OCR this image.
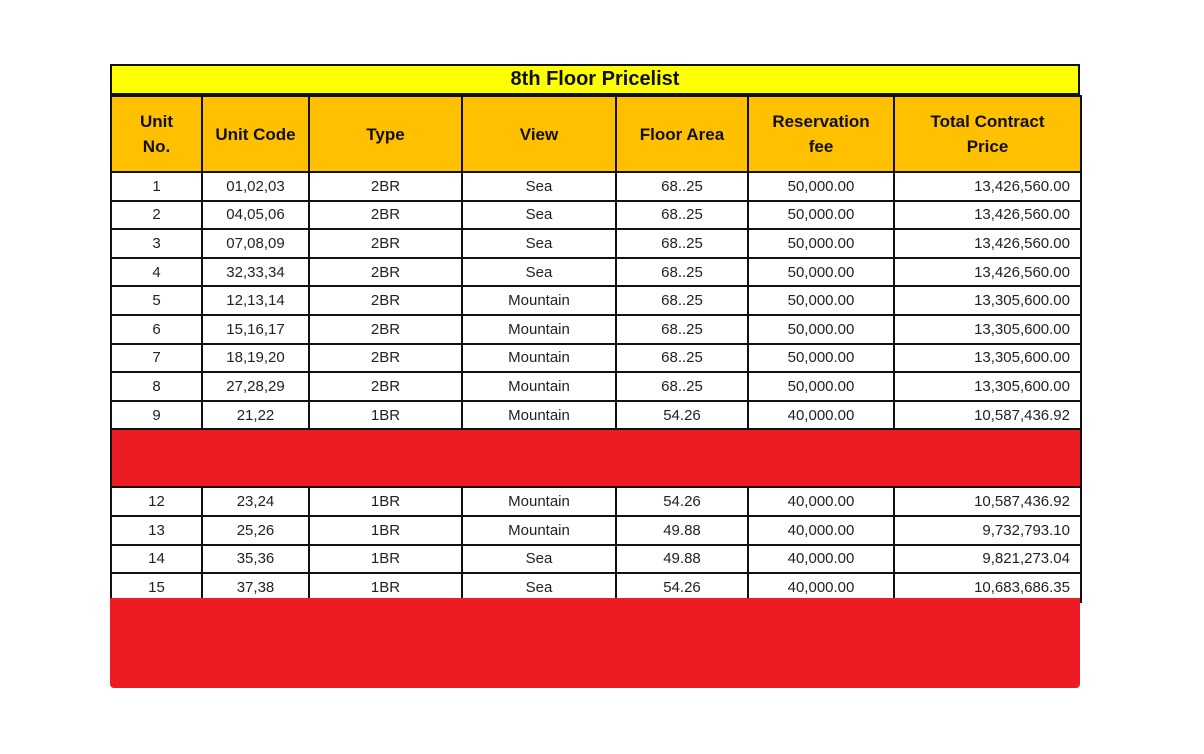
8th Floor Pricelist
Unit No.	Unit Code	Type	View	Floor Area	Reservation fee	Total Contract Price
1	01,02,03	2BR	Sea	68..25	50,000.00	13,426,560.00
2	04,05,06	2BR	Sea	68..25	50,000.00	13,426,560.00
3	07,08,09	2BR	Sea	68..25	50,000.00	13,426,560.00
4	32,33,34	2BR	Sea	68..25	50,000.00	13,426,560.00
5	12,13,14	2BR	Mountain	68..25	50,000.00	13,305,600.00
6	15,16,17	2BR	Mountain	68..25	50,000.00	13,305,600.00
7	18,19,20	2BR	Mountain	68..25	50,000.00	13,305,600.00
8	27,28,29	2BR	Mountain	68..25	50,000.00	13,305,600.00
9	21,22	1BR	Mountain	54.26	40,000.00	10,587,436.92

12	23,24	1BR	Mountain	54.26	40,000.00	10,587,436.92
13	25,26	1BR	Mountain	49.88	40,000.00	9,732,793.10
14	35,36	1BR	Sea	49.88	40,000.00	9,821,273.04
15	37,38	1BR	Sea	54.26	40,000.00	10,683,686.35
